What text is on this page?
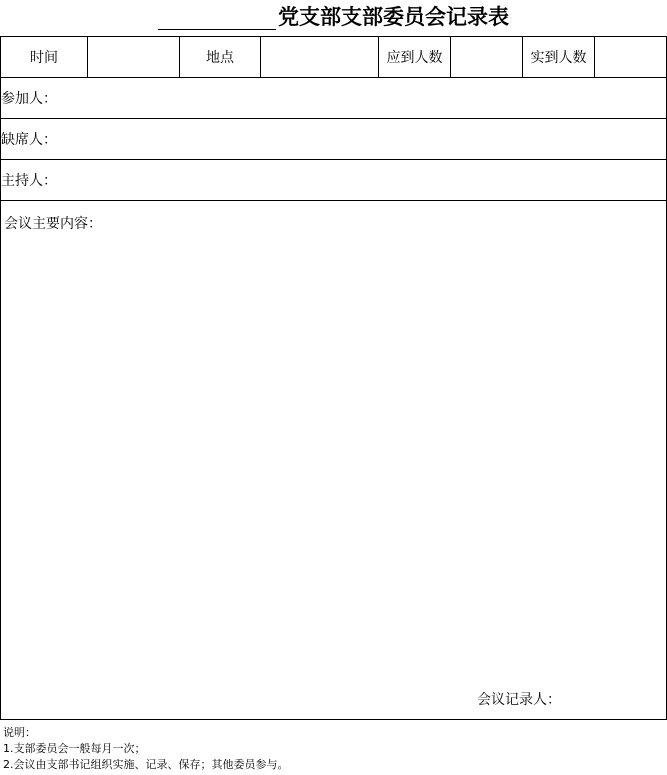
党支部支部委员会记录表
时间		地点		应到人数		实到人数	
参加人：
缺席人：
主持人：

会议主要内容：
会议记录人：
说明：
1.支部委员会一般每月一次；
2.会议由支部书记组织实施、记录、保存；其他委员参与。
